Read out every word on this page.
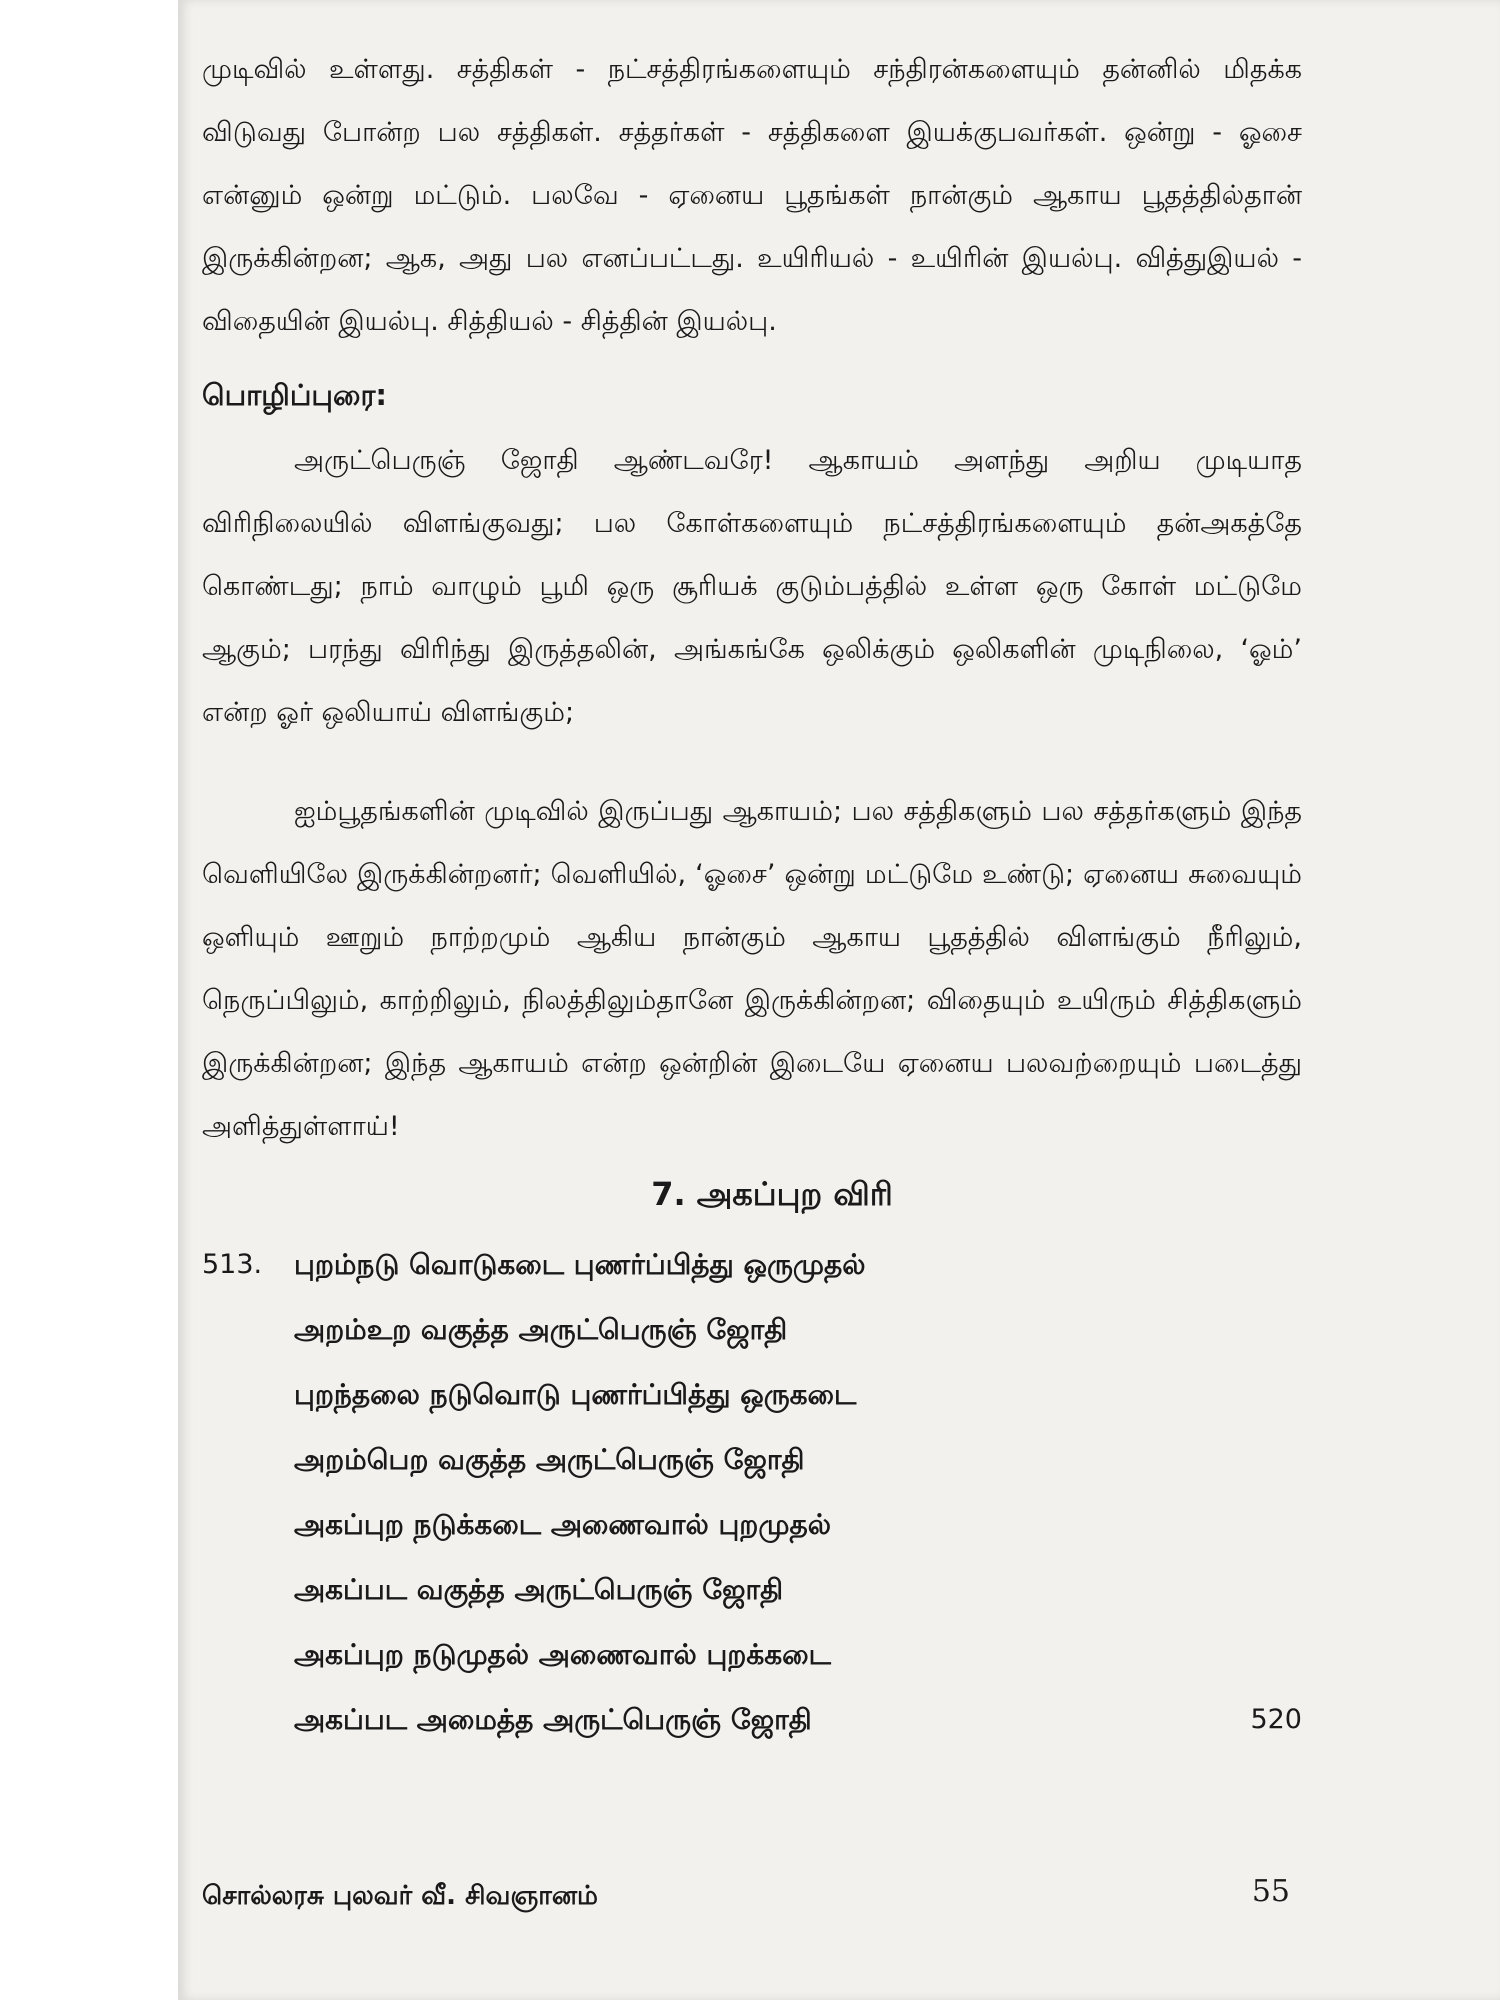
முடிவில் உள்ளது. சத்திகள் - நட்சத்திரங்களையும் சந்திரன்களையும் தன்னில் மிதக்க விடுவது போன்ற பல சத்திகள். சத்தர்கள் - சத்திகளை இயக்குபவர்கள். ஒன்று - ஓசை என்னும் ஒன்று மட்டும். பலவே - ஏனைய பூதங்கள் நான்கும் ஆகாய பூதத்தில்தான் இருக்கின்றன; ஆக, அது பல எனப்பட்டது. உயிரியல் - உயிரின் இயல்பு. வித்துஇயல் - விதையின் இயல்பு. சித்தியல் - சித்தின் இயல்பு.

பொழிப்புரை:

அருட்பெருஞ் ஜோதி ஆண்டவரே! ஆகாயம் அளந்து அறிய முடியாத விரிநிலையில் விளங்குவது; பல கோள்களையும் நட்சத்திரங்களையும் தன்அகத்தே கொண்டது; நாம் வாழும் பூமி ஒரு சூரியக் குடும்பத்தில் உள்ள ஒரு கோள் மட்டுமே ஆகும்; பரந்து விரிந்து இருத்தலின், அங்கங்கே ஒலிக்கும் ஒலிகளின் முடிநிலை, ‘ஓம்’ என்ற ஓர் ஒலியாய் விளங்கும்;

ஐம்பூதங்களின் முடிவில் இருப்பது ஆகாயம்; பல சத்திகளும் பல சத்தர்களும் இந்த வெளியிலே இருக்கின்றனர்; வெளியில், ‘ஓசை’ ஒன்று மட்டுமே உண்டு; ஏனைய சுவையும் ஒளியும் ஊறும் நாற்றமும் ஆகிய நான்கும் ஆகாய பூதத்தில் விளங்கும் நீரிலும், நெருப்பிலும், காற்றிலும், நிலத்திலும்தானே இருக்கின்றன; விதையும் உயிரும் சித்திகளும் இருக்கின்றன; இந்த ஆகாயம் என்ற ஒன்றின் இடையே ஏனைய பலவற்றையும் படைத்து அளித்துள்ளாய்!

7. அகப்புற விரி
513. புறம்நடு வொடுகடை புணர்ப்பித்து ஒருமுதல்

அறம்உற வகுத்த அருட்பெருஞ் ஜோதி

புறந்தலை நடுவொடு புணர்ப்பித்து ஒருகடை

அறம்பெற வகுத்த அருட்பெருஞ் ஜோதி

அகப்புற நடுக்கடை அணைவால் புறமுதல்

அகப்பட வகுத்த அருட்பெருஞ் ஜோதி

அகப்புற நடுமுதல் அணைவால் புறக்கடை

அகப்பட அமைத்த அருட்பெருஞ் ஜோதி	520

சொல்லரசு புலவர் வீ. சிவஞானம்	55
